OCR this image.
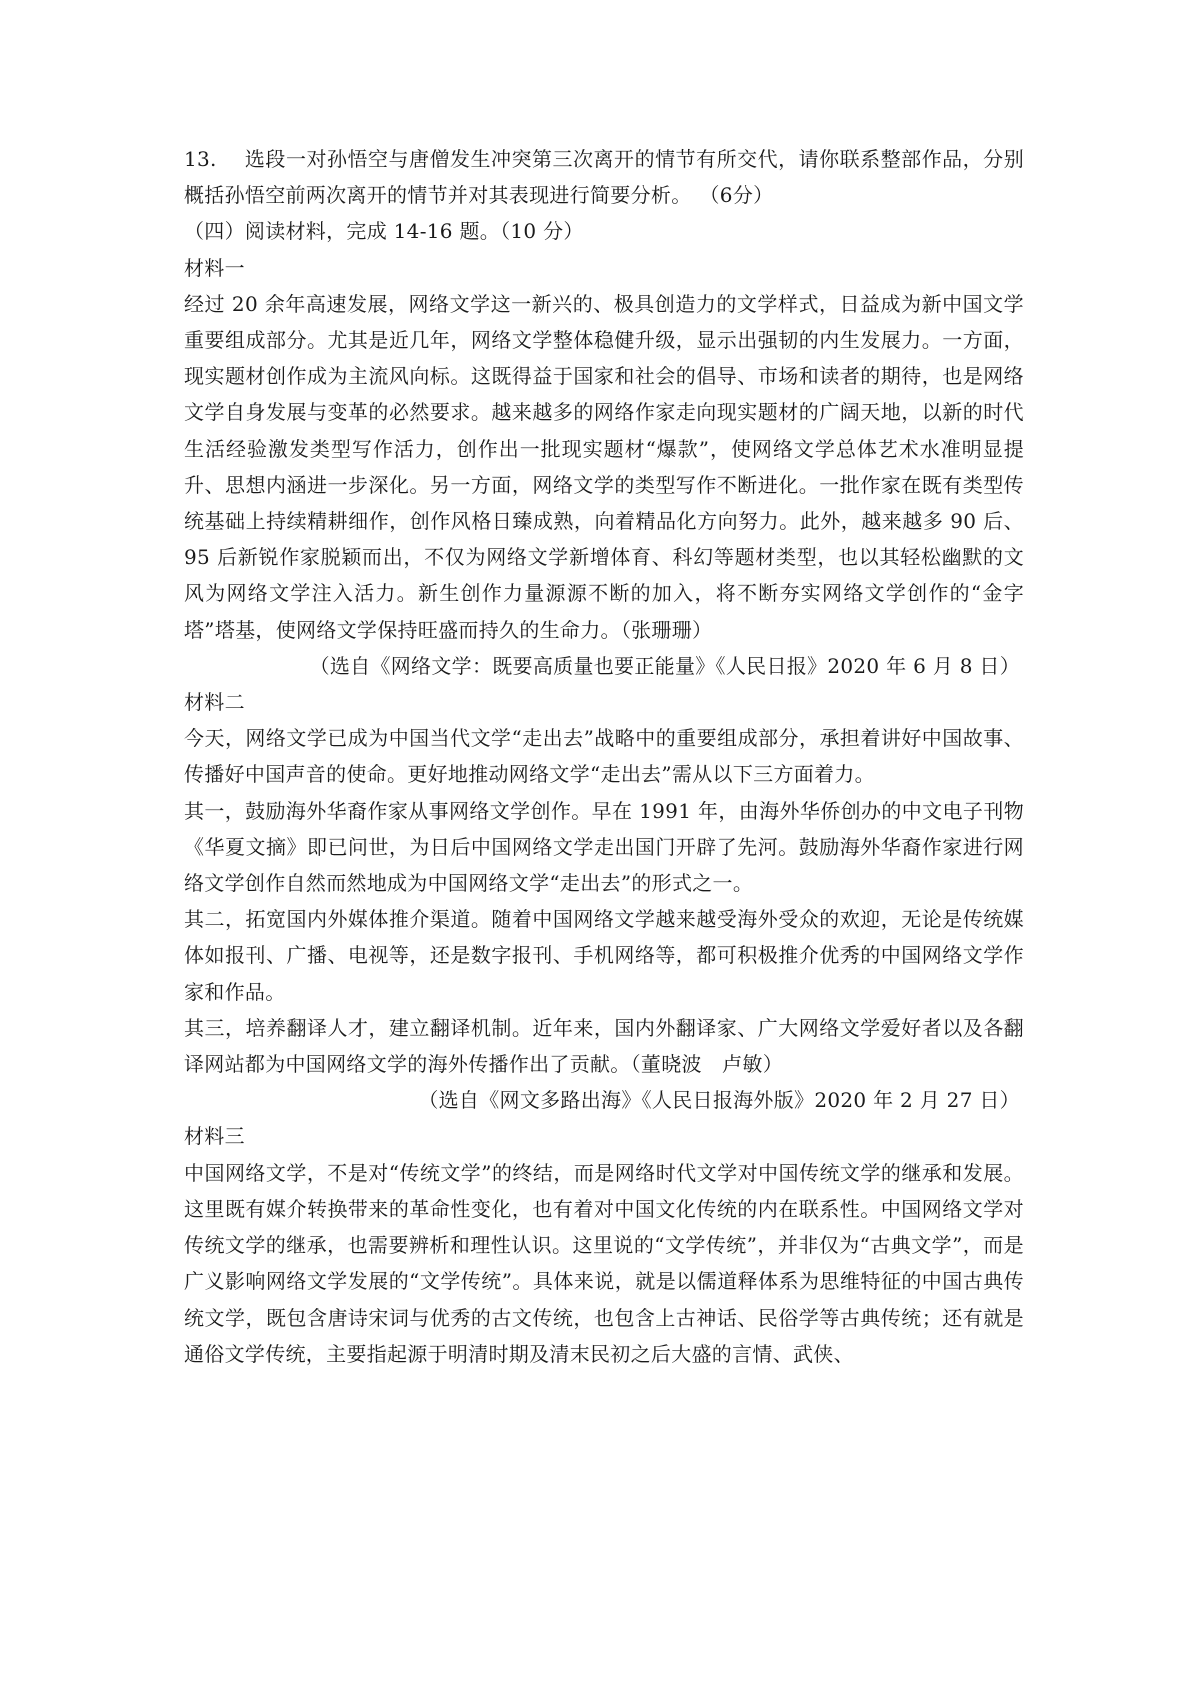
13. 选段一对孙悟空与唐僧发生冲突第三次离开的情节有所交代，请你联系整部作品，分别概括孙悟空前两次离开的情节并对其表现进行简要分析。 （6分）

（四）阅读材料，完成 14-16 题。（10 分）

材料一

经过 20 余年高速发展，网络文学这一新兴的、极具创造力的文学样式，日益成为新中国文学重要组成部分。尤其是近几年，网络文学整体稳健升级，显示出强韧的内生发展力。一方面，现实题材创作成为主流风向标。这既得益于国家和社会的倡导、市场和读者的期待，也是网络文学自身发展与变革的必然要求。越来越多的网络作家走向现实题材的广阔天地，以新的时代生活经验激发类型写作活力，创作出一批现实题材“爆款”，使网络文学总体艺术水准明显提升、思想内涵进一步深化。另一方面，网络文学的类型写作不断进化。一批作家在既有类型传统基础上持续精耕细作，创作风格日臻成熟，向着精品化方向努力。此外，越来越多 90 后、95 后新锐作家脱颖而出，不仅为网络文学新增体育、科幻等题材类型，也以其轻松幽默的文风为网络文学注入活力。新生创作力量源源不断的加入，将不断夯实网络文学创作的“金字塔”塔基，使网络文学保持旺盛而持久的生命力。（张珊珊）

（选自《网络文学：既要高质量也要正能量》《人民日报》2020 年 6 月 8 日）

材料二

今天，网络文学已成为中国当代文学“走出去”战略中的重要组成部分，承担着讲好中国故事、传播好中国声音的使命。更好地推动网络文学“走出去”需从以下三方面着力。

其一，鼓励海外华裔作家从事网络文学创作。早在 1991 年，由海外华侨创办的中文电子刊物《华夏文摘》即已问世，为日后中国网络文学走出国门开辟了先河。鼓励海外华裔作家进行网络文学创作自然而然地成为中国网络文学“走出去”的形式之一。

其二，拓宽国内外媒体推介渠道。随着中国网络文学越来越受海外受众的欢迎，无论是传统媒体如报刊、广播、电视等，还是数字报刊、手机网络等，都可积极推介优秀的中国网络文学作家和作品。

其三，培养翻译人才，建立翻译机制。近年来，国内外翻译家、广大网络文学爱好者以及各翻译网站都为中国网络文学的海外传播作出了贡献。（董晓波　卢敏）

（选自《网文多路出海》《人民日报海外版》2020 年 2 月 27 日）

材料三

中国网络文学，不是对“传统文学”的终结，而是网络时代文学对中国传统文学的继承和发展。这里既有媒介转换带来的革命性变化，也有着对中国文化传统的内在联系性。中国网络文学对传统文学的继承，也需要辨析和理性认识。这里说的“文学传统”，并非仅为“古典文学”，而是广义影响网络文学发展的“文学传统”。具体来说，就是以儒道释体系为思维特征的中国古典传统文学，既包含唐诗宋词与优秀的古文传统，也包含上古神话、民俗学等古典传统；还有就是通俗文学传统，主要指起源于明清时期及清末民初之后大盛的言情、武侠、
